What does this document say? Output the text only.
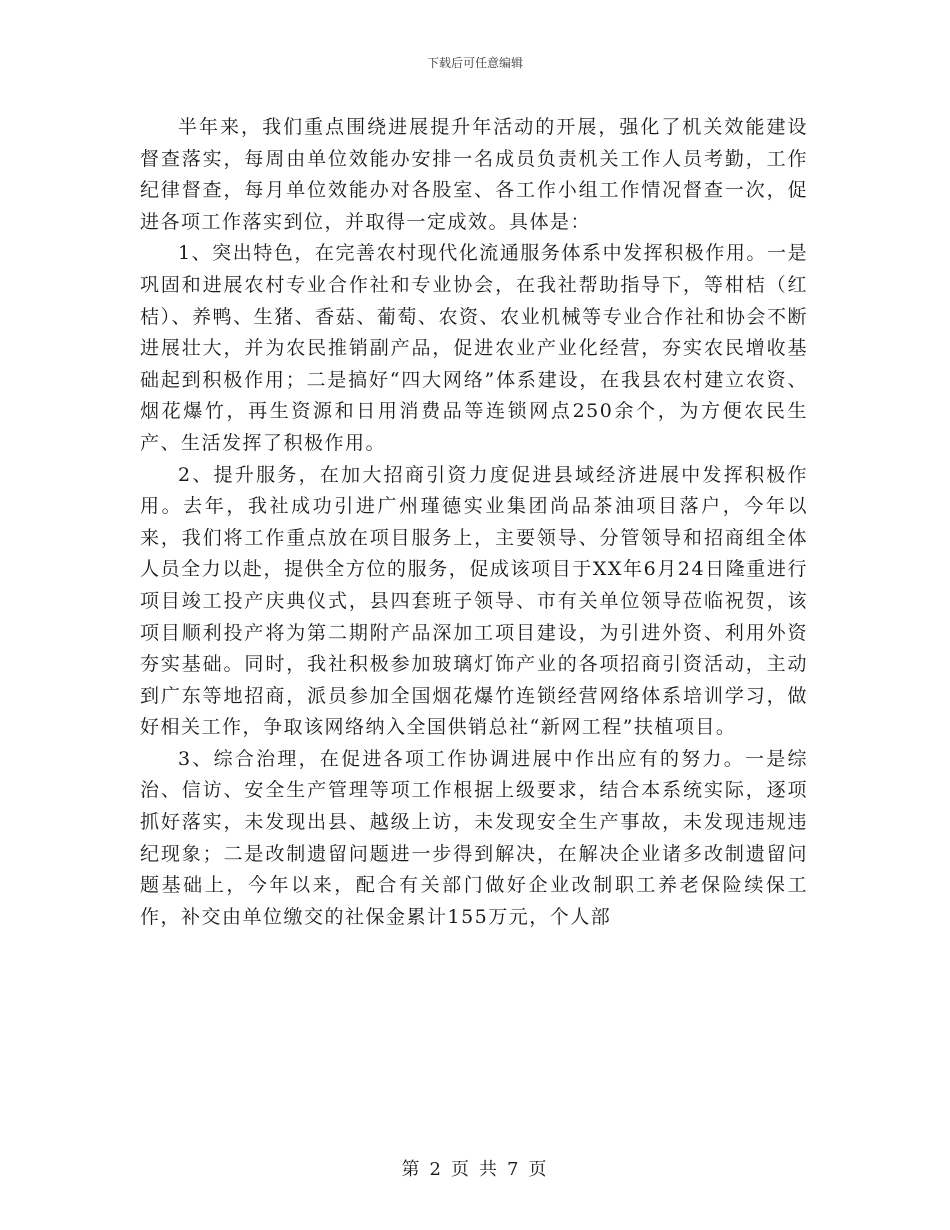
下载后可任意编辑

半年来，我们重点围绕进展提升年活动的开展，强化了机关效能建设督查落实，每周由单位效能办安排一名成员负责机关工作人员考勤，工作纪律督查，每月单位效能办对各股室、各工作小组工作情况督查一次，促进各项工作落实到位，并取得一定成效。具体是：

1、突出特色，在完善农村现代化流通服务体系中发挥积极作用。一是巩固和进展农村专业合作社和专业协会，在我社帮助指导下，等柑桔（红桔）、养鸭、生猪、香菇、葡萄、农资、农业机械等专业合作社和协会不断进展壮大，并为农民推销副产品，促进农业产业化经营，夯实农民增收基础起到积极作用；二是搞好“四大网络”体系建设，在我县农村建立农资、烟花爆竹，再生资源和日用消费品等连锁网点250余个，为方便农民生产、生活发挥了积极作用。

2、提升服务，在加大招商引资力度促进县域经济进展中发挥积极作用。去年，我社成功引进广州瑾德实业集团尚品茶油项目落户，今年以来，我们将工作重点放在项目服务上，主要领导、分管领导和招商组全体人员全力以赴，提供全方位的服务，促成该项目于XX年6月24日隆重进行项目竣工投产庆典仪式，县四套班子领导、市有关单位领导莅临祝贺，该项目顺利投产将为第二期附产品深加工项目建设，为引进外资、利用外资夯实基础。同时，我社积极参加玻璃灯饰产业的各项招商引资活动，主动到广东等地招商，派员参加全国烟花爆竹连锁经营网络体系培训学习，做好相关工作，争取该网络纳入全国供销总社“新网工程”扶植项目。

3、综合治理，在促进各项工作协调进展中作出应有的努力。一是综治、信访、安全生产管理等项工作根据上级要求，结合本系统实际，逐项抓好落实，未发现出县、越级上访，未发现安全生产事故，未发现违规违纪现象；二是改制遗留问题进一步得到解决，在解决企业诸多改制遗留问题基础上，今年以来，配合有关部门做好企业改制职工养老保险续保工作，补交由单位缴交的社保金累计155万元，个人部

第 2 页 共 7 页
